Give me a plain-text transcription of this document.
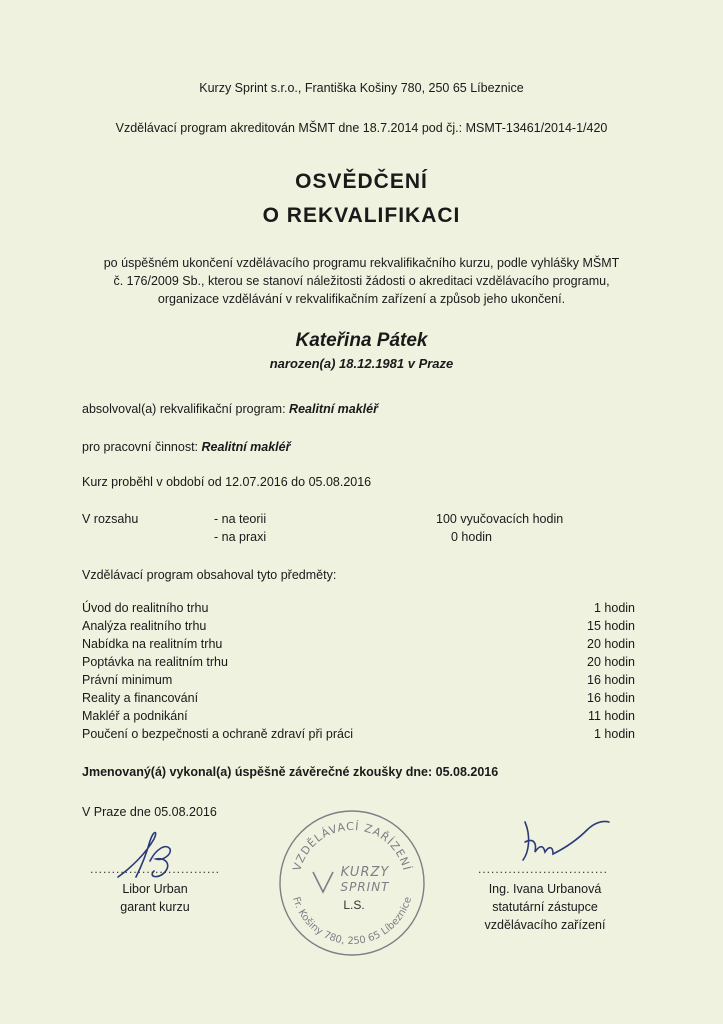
Kurzy Sprint s.r.o., Františka Košiny 780, 250 65 Líbeznice
Vzdělávací program akreditován MŠMT dne 18.7.2014 pod čj.: MSMT-13461/2014-1/420
OSVĚDČENÍ
O REKVALIFIKACI
po úspěšném ukončení vzdělávacího programu rekvalifikačního kurzu, podle vyhlášky MŠMT
č. 176/2009 Sb., kterou se stanoví náležitosti žádosti o akreditaci vzdělávacího programu,
organizace vzdělávání v rekvalifikačním zařízení a způsob jeho ukončení.
Kateřina Pátek
narozen(a) 18.12.1981 v Praze
absolvoval(a) rekvalifikační program: Realitní makléř
pro pracovní činnost: Realitní makléř
Kurz proběhl v období od 12.07.2016 do 05.08.2016
V rozsahu	- na teorii	100 vyučovacích hodin
- na praxi	0 hodin
Vzdělávací program obsahoval tyto předměty:
Úvod do realitního trhu	1 hodin
Analýza realitního trhu	15 hodin
Nabídka na realitním trhu	20 hodin
Poptávka na realitním trhu	20 hodin
Právní minimum	16 hodin
Reality a financování	16 hodin
Makléř a podnikání	11 hodin
Poučení o bezpečnosti a ochraně zdraví při práci	1 hodin
Jmenovaný(á) vykonal(a) úspěšně závěrečné zkoušky dne: 05.08.2016
V Praze dne 05.08.2016
..............................
Libor Urban
garant kurzu
VZDĚLÁVACÍ ZAŘÍZENÍ
Fr. Košiny 780, 250 65 Líbeznice
KURZY
SPRINT
L.S.
..............................
Ing. Ivana Urbanová
statutární zástupce
vzdělávacího zařízení
